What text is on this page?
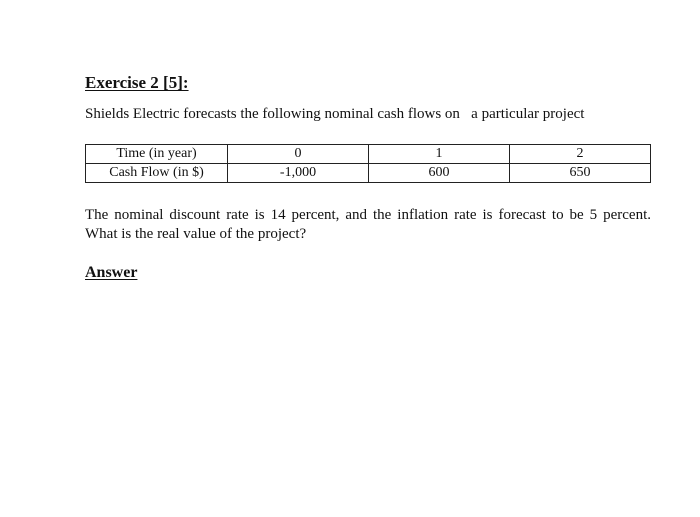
Exercise 2 [5]:
Shields Electric forecasts the following nominal cash flows on   a particular project
Time (in year)	0	1	2
Cash Flow (in $)	-1,000	600	650
The nominal discount rate is 14 percent, and the inflation rate is forecast to be 5 percent. What is the real value of the project?
Answer
